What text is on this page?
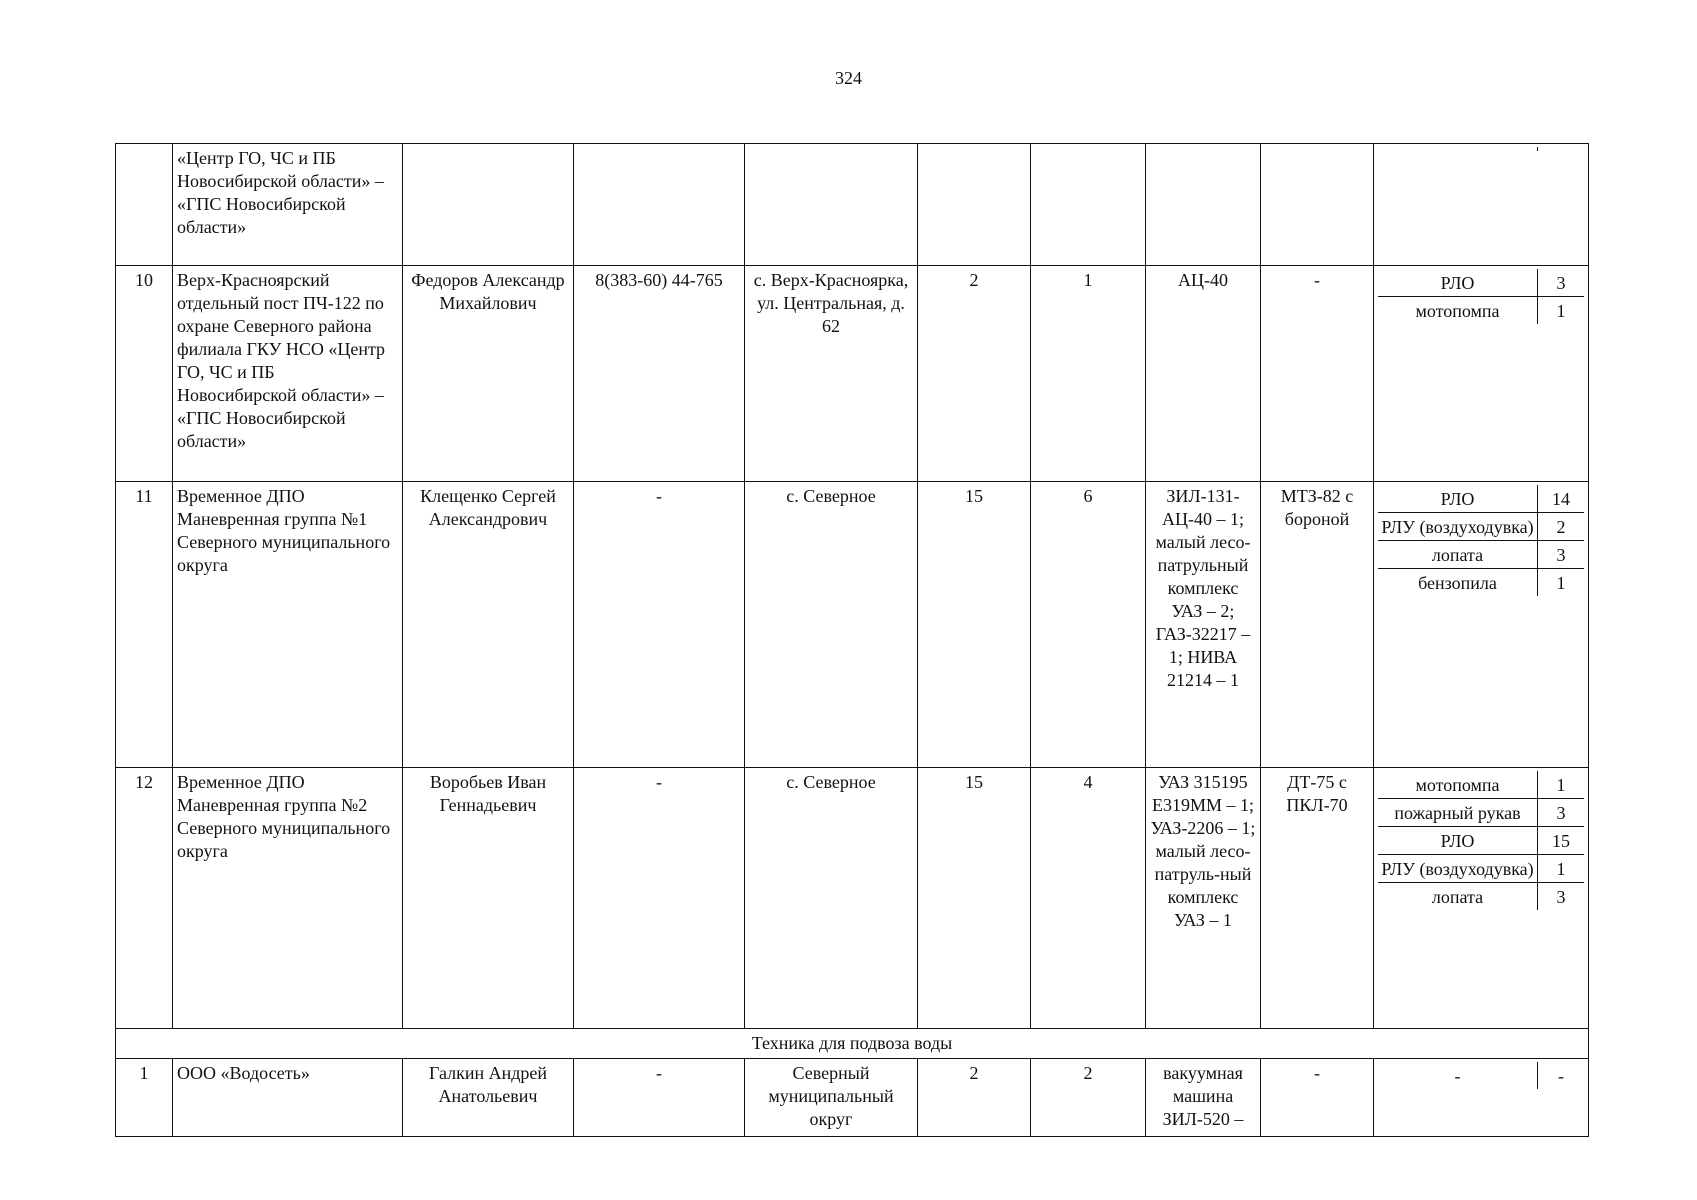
324
	«Центр ГО, ЧС и ПБ Новосибирской области» – «ГПС Новосибирской области»								

10	Верх-Красноярский отдельный пост ПЧ-122 по охране Северного района филиала ГКУ НСО «Центр ГО, ЧС и ПБ Новосибирской области» – «ГПС Новосибирской области»	Федоров Александр Михайлович	8(383-60) 44-765	с. Верх-Красноярка, ул. Центральная, д. 62	2	1	АЦ-40	-		РЛО	3
мотопомпа	1

11	Временное ДПО Маневренная группа №1 Северного муниципального округа	Клещенко Сергей Александрович	-	с. Северное	15	6	ЗИЛ-131-АЦ-40 – 1; малый лесо-патрульный комплекс УАЗ – 2; ГАЗ-32217 – 1; НИВА 21214 – 1	МТЗ-82 с бороной	
РЛО	14
РЛУ (воздуходувка)	2
лопата	3
бензопила	1

12	Временное ДПО Маневренная группа №2 Северного муниципального округа	Воробьев Иван Геннадьевич	-	с. Северное	15	4	УАЗ 315195 Е319ММ – 1; УАЗ-2206 – 1; малый лесо-патруль-ный комплекс УАЗ – 1	ДТ-75 с ПКЛ-70	
мотопомпа	1
пожарный рукав	3
РЛО	15
РЛУ (воздуходувка)	1
лопата	3

Техника для подвоза воды
1	ООО «Водосеть»	Галкин Андрей Анатольевич	-	Северный муниципальный округ	2	2	вакуумная машина ЗИЛ-520 –	-		-	-
